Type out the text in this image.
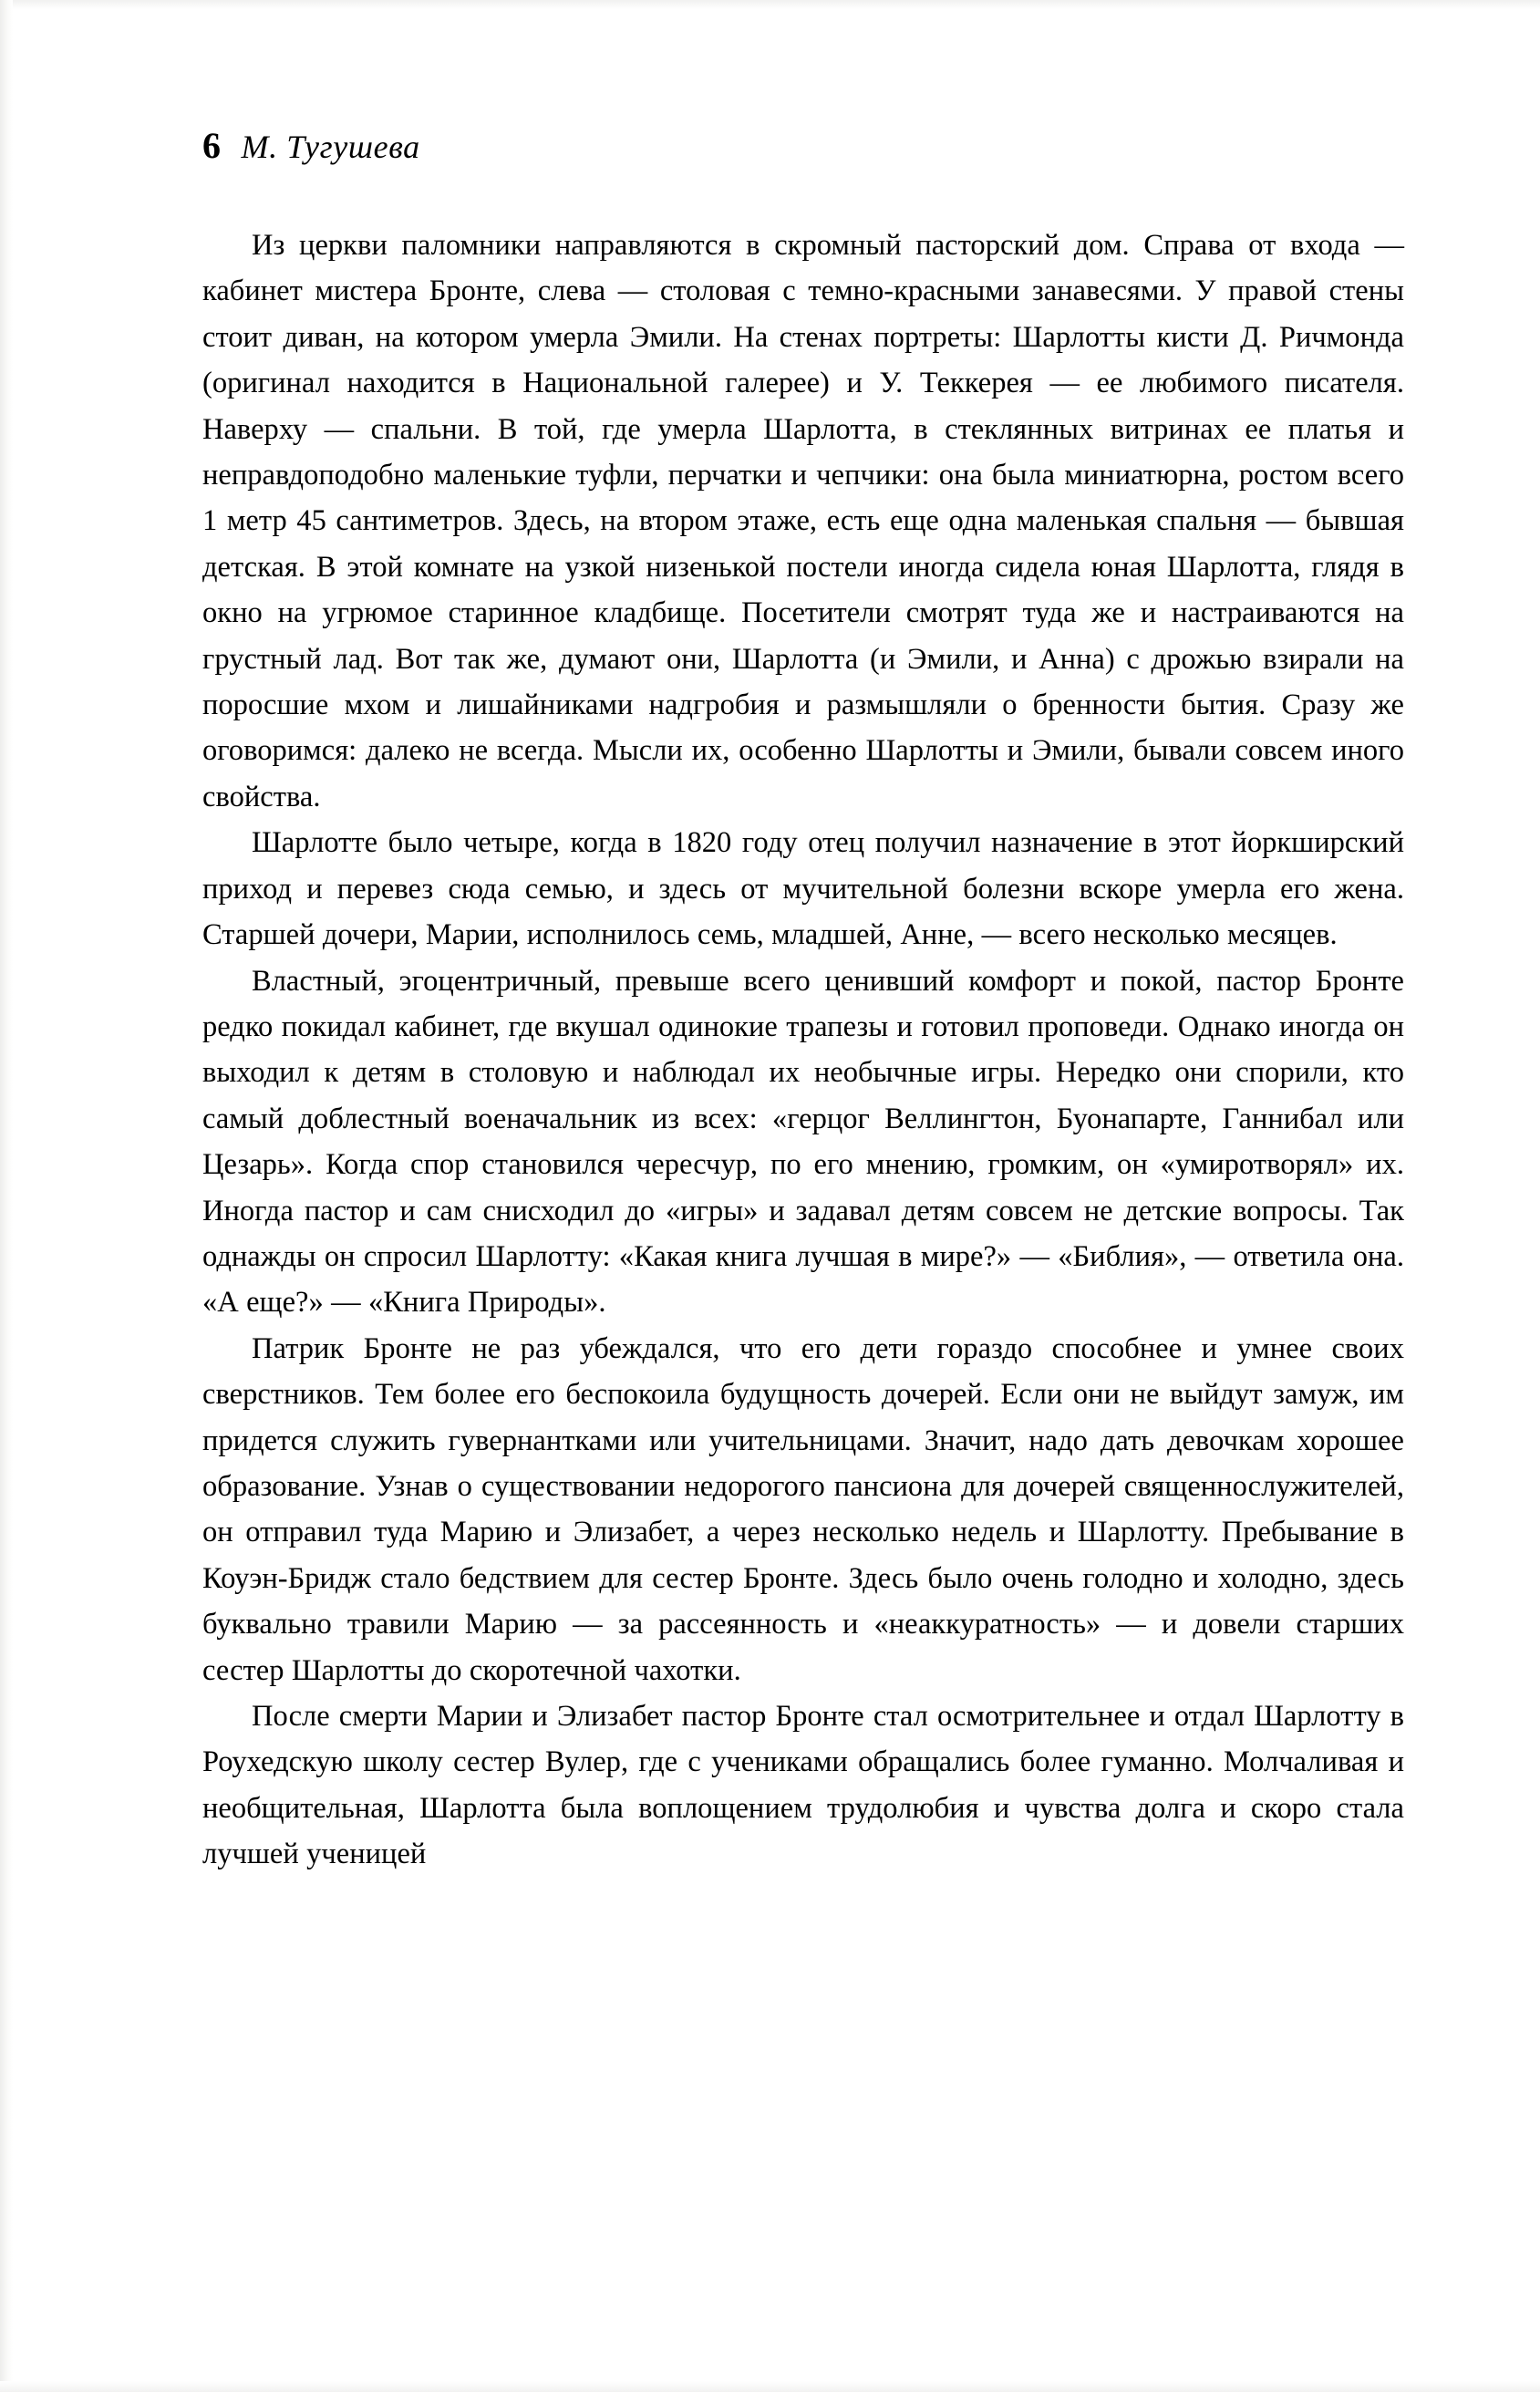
6 М. Тугушева

Из церкви паломники направляются в скромный пасторский дом. Справа от входа — кабинет мистера Бронте, слева — столовая с темно-красными занавесями. У правой стены стоит диван, на котором умерла Эмили. На стенах портреты: Шарлотты кисти Д. Ричмонда (оригинал находится в Национальной галерее) и У. Теккерея — ее любимого писателя. Наверху — спальни. В той, где умерла Шарлотта, в стеклянных витринах ее платья и неправдоподобно маленькие туфли, перчатки и чепчики: она была миниатюрна, ростом всего 1 метр 45 сантиметров. Здесь, на втором этаже, есть еще одна маленькая спальня — бывшая детская. В этой комнате на узкой низенькой постели иногда сидела юная Шарлотта, глядя в окно на угрюмое старинное кладбище. Посетители смотрят туда же и настраиваются на грустный лад. Вот так же, думают они, Шарлотта (и Эмили, и Анна) с дрожью взирали на поросшие мхом и лишайниками надгробия и размышляли о бренности бытия. Сразу же оговоримся: далеко не всегда. Мысли их, особенно Шарлотты и Эмили, бывали совсем иного свойства.

Шарлотте было четыре, когда в 1820 году отец получил назначение в этот йоркширский приход и перевез сюда семью, и здесь от мучительной болезни вскоре умерла его жена. Старшей дочери, Марии, исполнилось семь, младшей, Анне, — всего несколько месяцев.

Властный, эгоцентричный, превыше всего ценивший комфорт и покой, пастор Бронте редко покидал кабинет, где вкушал одинокие трапезы и готовил проповеди. Однако иногда он выходил к детям в столовую и наблюдал их необычные игры. Нередко они спорили, кто самый доблестный военачальник из всех: «герцог Веллингтон, Буонапарте, Ганнибал или Цезарь». Когда спор становился чересчур, по его мнению, громким, он «умиротворял» их. Иногда пастор и сам снисходил до «игры» и задавал детям совсем не детские вопросы. Так однажды он спросил Шарлотту: «Какая книга лучшая в мире?» — «Библия», — ответила она. «А еще?» — «Книга Природы».

Патрик Бронте не раз убеждался, что его дети гораздо способнее и умнее своих сверстников. Тем более его беспокоила будущность дочерей. Если они не выйдут замуж, им придется служить гувернантками или учительницами. Значит, надо дать девочкам хорошее образование. Узнав о существовании недорогого пансиона для дочерей священнослужителей, он отправил туда Марию и Элизабет, а через несколько недель и Шарлотту. Пребывание в Коуэн-Бридж стало бедствием для сестер Бронте. Здесь было очень голодно и холодно, здесь буквально травили Марию — за рассеянность и «неаккуратность» — и довели старших сестер Шарлотты до скоротечной чахотки.

После смерти Марии и Элизабет пастор Бронте стал осмотрительнее и отдал Шарлотту в Роухедскую школу сестер Вулер, где с учениками обращались более гуманно. Молчаливая и необщительная, Шарлотта была воплощением трудолюбия и чувства долга и скоро стала лучшей ученицей
